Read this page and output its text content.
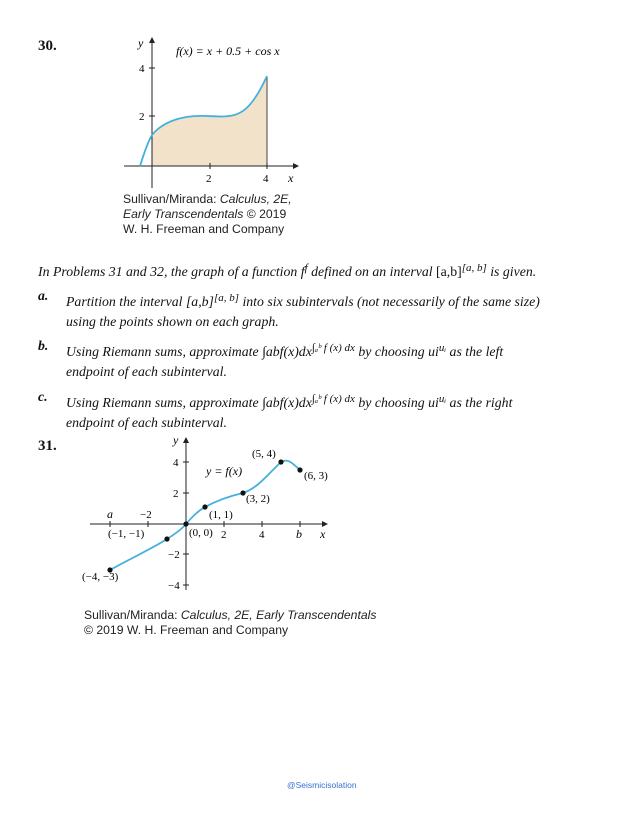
30.
2	4
2
4
x
y
f(x) = x + 0.5 + cos x
Sullivan/Miranda: Calculus, 2E,
Early Transcendentals © 2019
W. H. Freeman and Company
In Problems 31 and 32, the graph of a function $f^f$ defined on an interval [a,b][a, b] is given.
a. Partition the interval [a,b][a, b] into six subintervals (not necessarily of the same size)
using the points shown on each graph.
b. Using Riemann sums, approximate $\int abf(x)dx^{\int_aᵇ f (x) dx}$ by choosing $ui^{uᵢ}$ as the left
endpoint of each subinterval.
c. Using Riemann sums, approximate $\int abf(x)dx^{\int_aᵇ f (x) dx}$ by choosing $ui^{uᵢ}$ as the right
endpoint of each subinterval.
31.
a −2
2	4	b x
y
4
2
−2
−4
(−4, −3)
(−1, −1)	(0, 0)
(1, 1)
(3, 2)
(5, 4)
(6, 3)
y = f(x)
Sullivan/Miranda: Calculus, 2E, Early Transcendentals
© 2019 W. H. Freeman and Company
@Seismicisolation
